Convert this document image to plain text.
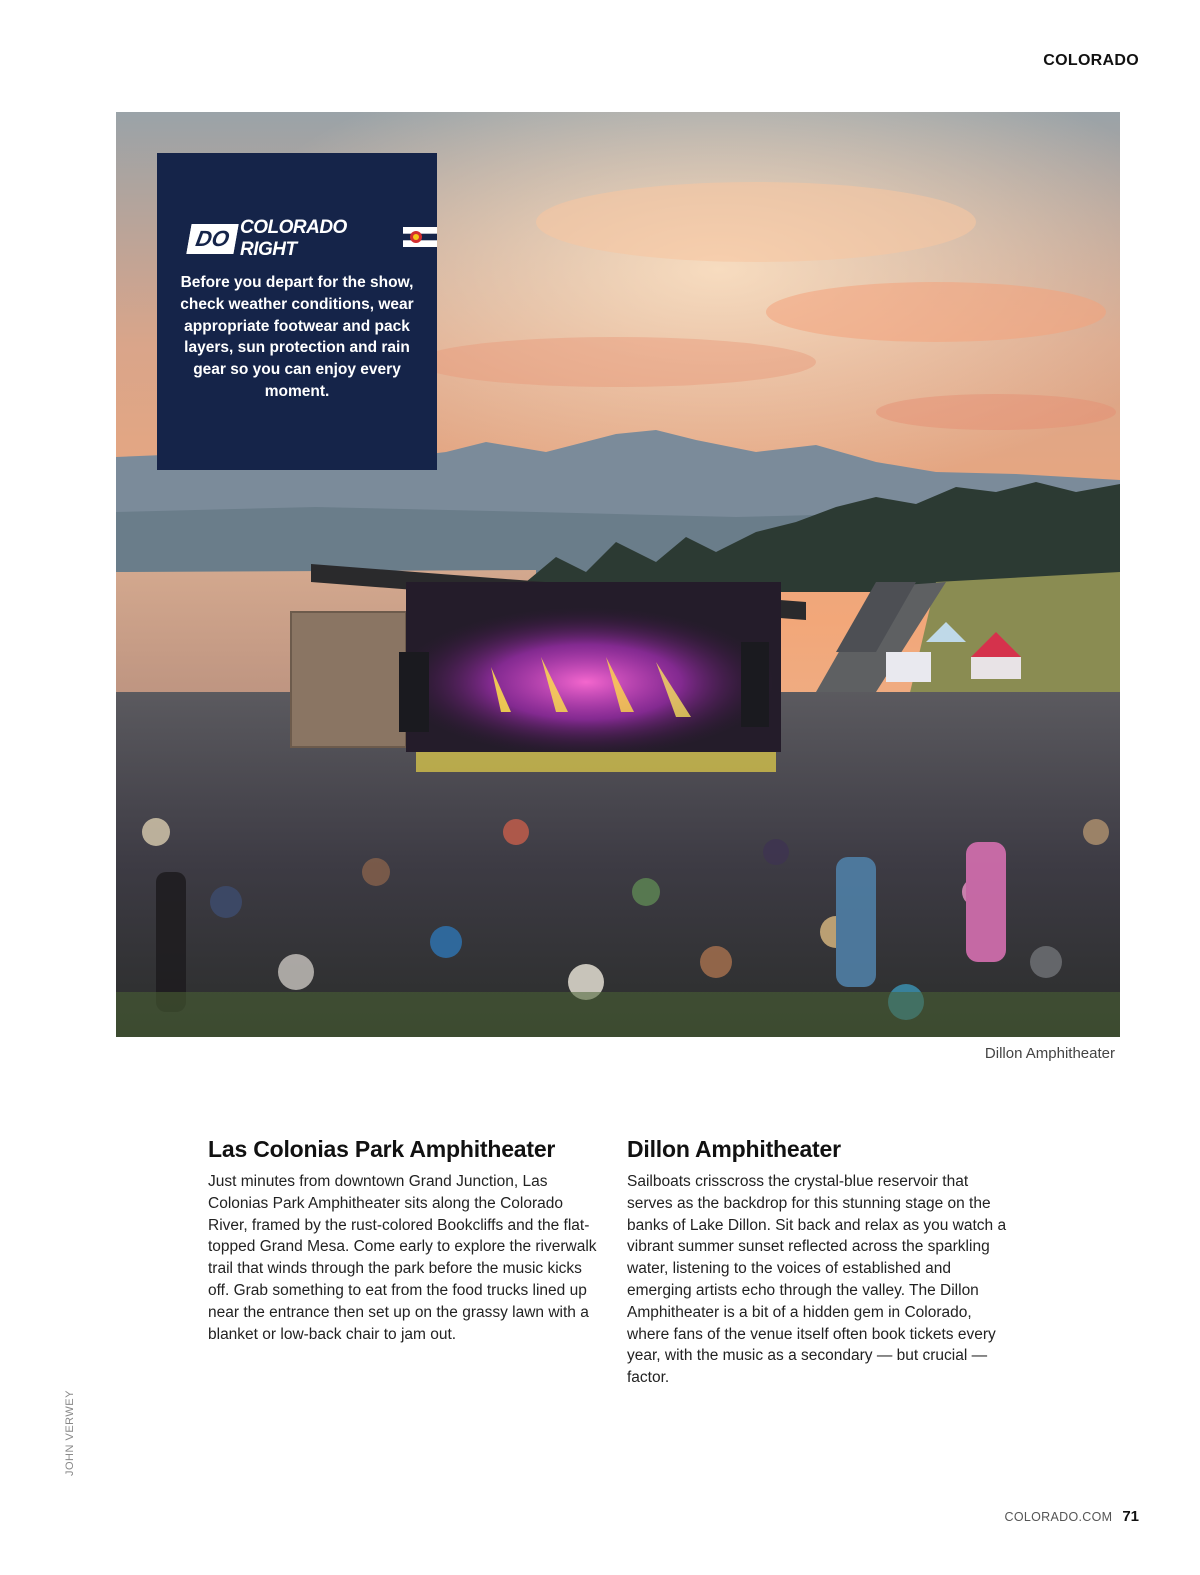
COLORADO
DO COLORADO RIGHT
Before you depart for the show, check weather conditions, wear appropriate footwear and pack layers, sun protection and rain gear so you can enjoy every moment.
Dillon Amphitheater
Las Colonias Park Amphitheater

Just minutes from downtown Grand Junction, Las Colonias Park Amphitheater sits along the Colorado River, framed by the rust-colored Bookcliffs and the flat-topped Grand Mesa. Come early to explore the riverwalk trail that winds through the park before the music kicks off. Grab something to eat from the food trucks lined up near the entrance then set up on the grassy lawn with a blanket or low-back chair to jam out.

Dillon Amphitheater

Sailboats crisscross the crystal-blue reservoir that serves as the backdrop for this stunning stage on the banks of Lake Dillon. Sit back and relax as you watch a vibrant summer sunset reflected across the sparkling water, listening to the voices of established and emerging artists echo through the valley. The Dillon Amphitheater is a bit of a hidden gem in Colorado, where fans of the venue itself often book tickets every year, with the music as a secondary — but crucial — factor.

JOHN VERWEY
COLORADO.COM 71
